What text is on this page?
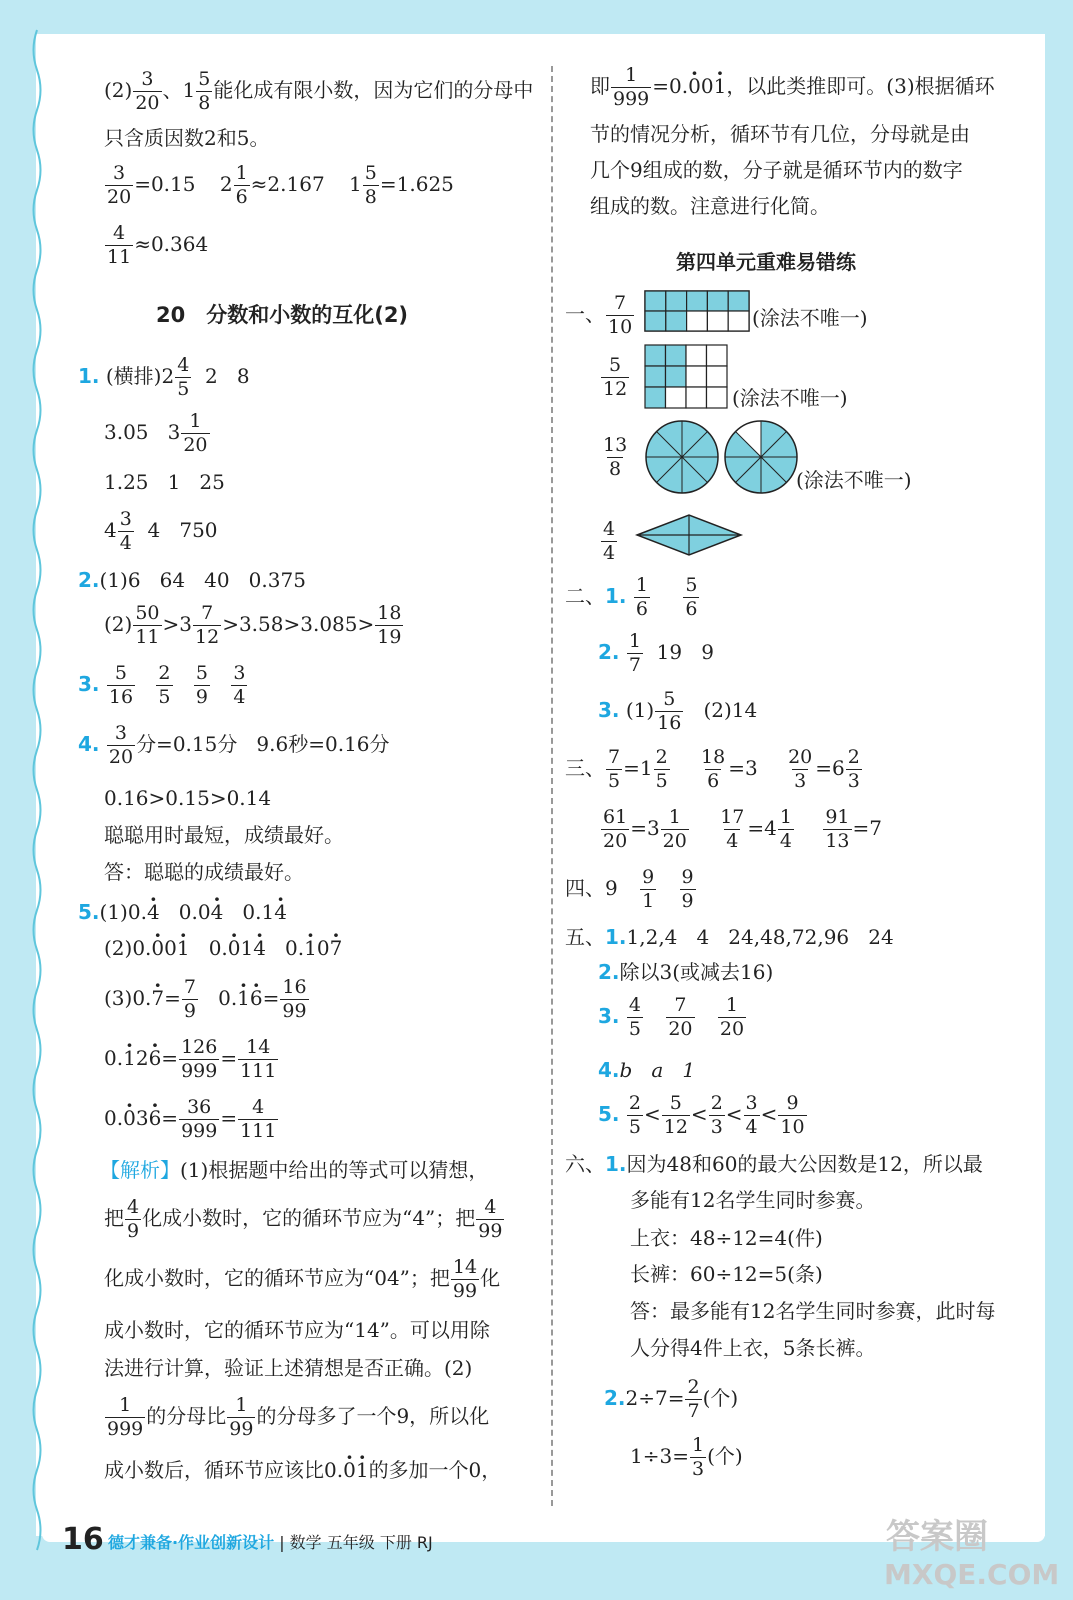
$(2) \frac{3}{20}$ 、$1 \frac{5}{8}$ 能化成有限小数，因为它们的分母中
只含质因数2和5。
$\frac{3}{20} =0.15$ $2 \frac{1}{6} \approx 2.167$ $1 \frac{5}{8} =1.625$
$\frac{4}{11} \approx 0.364$
20　分数和小数的互化(2)
1. (横排)$2 \frac{4}{5} 2$   8
3.05   $3 \frac{1}{20}$
1.25   1   25
$4 \frac{3}{4} 4$   750
2.(1)6   64   40   0.375
$(2) \frac{50}{11} >3 \frac{7}{12} >3.58>3.085> \frac{18}{19}$
3. $\frac{5}{16}$
$\frac{2}{5}$
$\frac{5}{9}$
$\frac{3}{4}$
4. $\frac{3}{20}$ 分=0.15分   9.6秒=0.16分
0.16>0.15>0.14
聪聪用时最短，成绩最好。
答：聪聪的成绩最好。
5.(1)0.· 4   0.0· 4   0.1· 4
(2)0.· 00· 1   0.· 01· 4   0.· 10· 7
$(3)0.\cdot 7= \frac{7}{9} 0.\cdot 1\cdot 6= \frac{16}{99}$
$0.\cdot 12\cdot 6= \frac{126}{999} = \frac{14}{111}$
$0.\cdot 03\cdot 6= \frac{36}{999} = \frac{4}{111}$
【解析】(1)根据题中给出的等式可以猜想，
把 $\frac{4}{9}$ 化成小数时，它的循环节应为“4”；把 $\frac{4}{99}$
化成小数时，它的循环节应为“04”；把 $\frac{14}{99}$ 化
成小数时，它的循环节应为“14”。可以用除
法进行计算，验证上述猜想是否正确。(2)
$\frac{1}{999}$ 的分母比 $\frac{1}{99}$ 的分母多了一个9，所以化
成小数后，循环节应该比0.· 0· 1的多加一个0，
即 $\frac{1}{999} =0.\cdot 00\cdot 1$，以此类推即可。(3)根据循环
节的情况分析，循环节有几位，分母就是由
几个9组成的数，分子就是循环节内的数字
组成的数。注意进行化简。
第四单元重难易错练
一、 $\frac{7}{10}$	(涂法不唯一)
$\frac{5}{12}$	(涂法不唯一)
$\frac{13}{8}$
(涂法不唯一)
$\frac{4}{4}$
二、1. $\frac{1}{6}$
$\frac{5}{6}$
2. $\frac{1}{7} 19$   9
3. $(1) \frac{5}{16} (2)14$
三、 $\frac{7}{5} =1 \frac{2}{5}$
$\frac{18}{6} =3 \frac{20}{3} =6 \frac{2}{3}$
$\frac{61}{20} =3 \frac{1}{20}$
$\frac{17}{4} =4 \frac{1}{4}$
$\frac{91}{13} =7$
四、$9 \frac{9}{1}$
$\frac{9}{9}$
五、1.1,2,4   4   24,48,72,96   24
2.除以3(或减去16)
3. $\frac{4}{5}$
$\frac{7}{20}$
$\frac{1}{20}$
4.b   a   1
5. $\frac{2}{5} < \frac{5}{12} < \frac{2}{3} < \frac{3}{4} < \frac{9}{10}$
六、1.因为48和60的最大公因数是12，所以最
多能有12名学生同时参赛。
上衣：48÷12=4(件)
长裤：60÷12=5(条)
答：最多能有12名学生同时参赛，此时每
人分得4件上衣，5条长裤。
$2.2\div 7= \frac{2}{7}$ (个)
$1\div 3= \frac{1}{3}$ (个)
16 德才兼备·作业创新设计 | 数学 五年级 下册 RJ	答案圈
MXQE.COM
